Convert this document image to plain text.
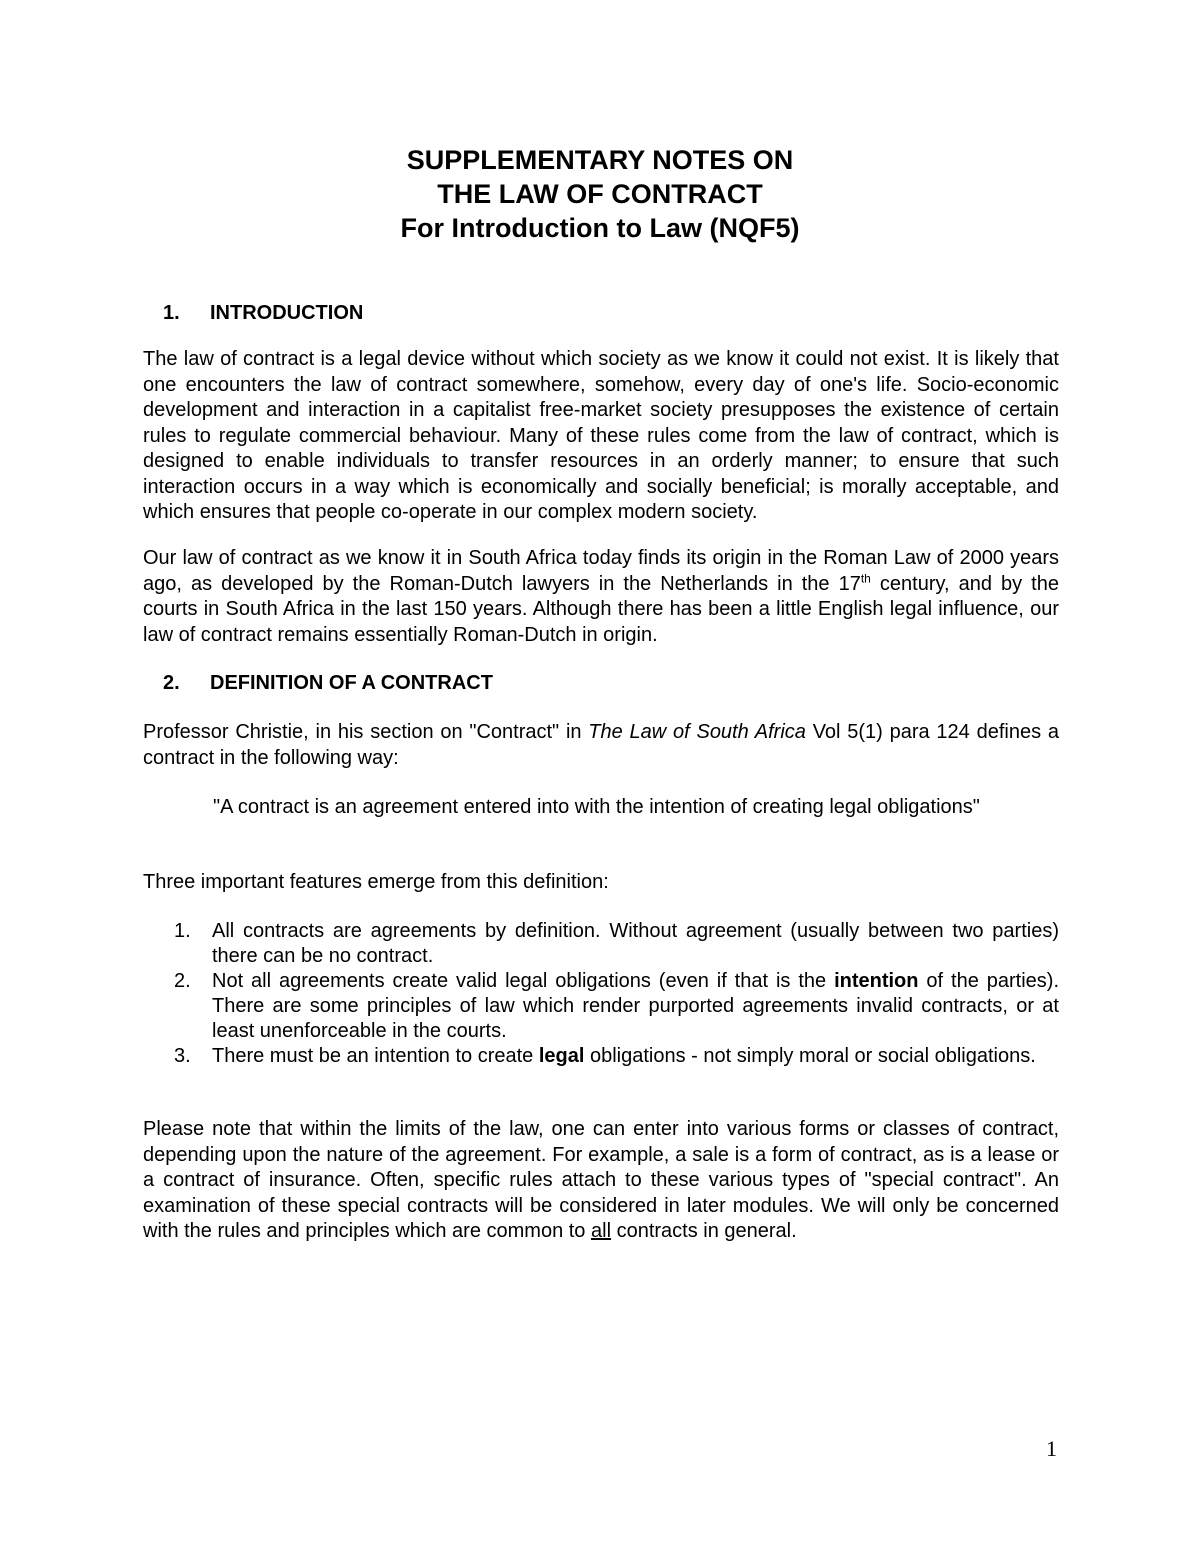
SUPPLEMENTARY NOTES ON
THE LAW OF CONTRACT
For Introduction to Law (NQF5)
1. INTRODUCTION
The law of contract is a legal device without which society as we know it could not exist. It is likely that one encounters the law of contract somewhere, somehow, every day of one's life. Socio-economic development and interaction in a capitalist free-market society presupposes the existence of certain rules to regulate commercial behaviour. Many of these rules come from the law of contract, which is designed to enable individuals to transfer resources in an orderly manner; to ensure that such interaction occurs in a way which is economically and socially beneficial; is morally acceptable, and which ensures that people co-operate in our complex modern society.
Our law of contract as we know it in South Africa today finds its origin in the Roman Law of 2000 years ago, as developed by the Roman-Dutch lawyers in the Netherlands in the 17th century, and by the courts in South Africa in the last 150 years. Although there has been a little English legal influence, our law of contract remains essentially Roman-Dutch in origin.
2. DEFINITION OF A CONTRACT
Professor Christie, in his section on "Contract" in The Law of South Africa Vol 5(1) para 124 defines a contract in the following way:
"A contract is an agreement entered into with the intention of creating legal obligations"
Three important features emerge from this definition:
1. All contracts are agreements by definition. Without agreement (usually between two parties) there can be no contract.
2. Not all agreements create valid legal obligations (even if that is the intention of the parties). There are some principles of law which render purported agreements invalid contracts, or at least unenforceable in the courts.
3. There must be an intention to create legal obligations - not simply moral or social obligations.
Please note that within the limits of the law, one can enter into various forms or classes of contract, depending upon the nature of the agreement. For example, a sale is a form of contract, as is a lease or a contract of insurance. Often, specific rules attach to these various types of "special contract". An examination of these special contracts will be considered in later modules. We will only be concerned with the rules and principles which are common to all contracts in general.
1
